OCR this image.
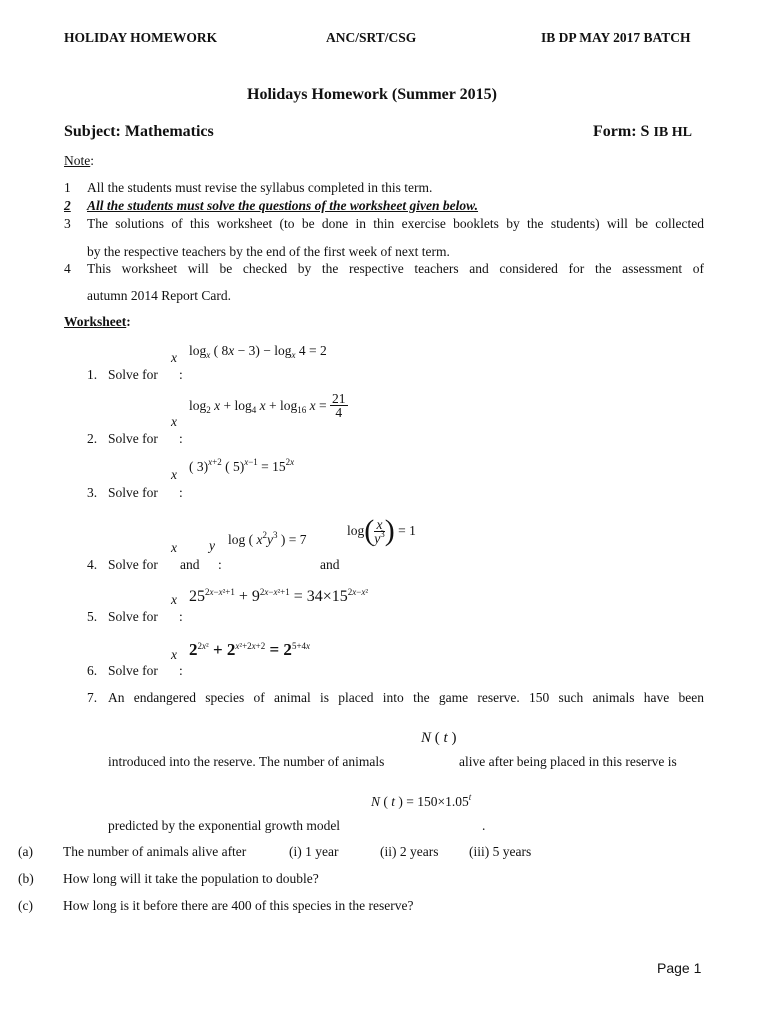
HOLIDAY HOMEWORK	ANC/SRT/CSG	IB DP MAY 2017 BATCH
Holidays Homework (Summer 2015)
Subject: Mathematics	Form: S IB HL
Note:
1 All the students must revise the syllabus completed in this term.
2 All the students must solve the questions of the worksheet given below.
3 The solutions of this worksheet (to be done in thin exercise booklets by the students) will be collected
by the respective teachers by the end of the first week of next term.
4 This worksheet will be checked by the respective teachers and considered for the assessment of
autumn 2014 Report Card.
Worksheet:
x $\log_x$ ( $8x - 3) - \log_x 4 = 2$
1. Solve for :
$\log_2 x + \log_4 x + \log_{16} x = \frac{21}{4}$
x
2. Solve for :
x
( 3)$^{x+2}$ ( $5)^{x-1} = 15^{2x}$
3. Solve for :
x y log ( $x^2y^3$ ) = 7
$\log( \frac{x}{y^3}$ ) = 1
4. Solve for and :	and
x $25^{2x-x^2+1} + 9^{2x-x^2+1} = 34\times 15^{2x-x^2}$
5. Solve for :
x $2^{2x^2} + 2^{x^2+2x+2} = 2^{5+4x}$
6. Solve for :
7. An endangered species of animal is placed into the game reserve. 150 such animals have been
N ( t )
introduced into the reserve. The number of animals	alive after being placed in this reserve is
N ( t ) = $150\times 1.05^t$
predicted by the exponential growth model	.
(a) The number of animals alive after	(i) 1 year	(ii) 2 years (iii) 5 years
(b) How long will it take the population to double?
(c) How long is it before there are 400 of this species in the reserve?
Page 1
